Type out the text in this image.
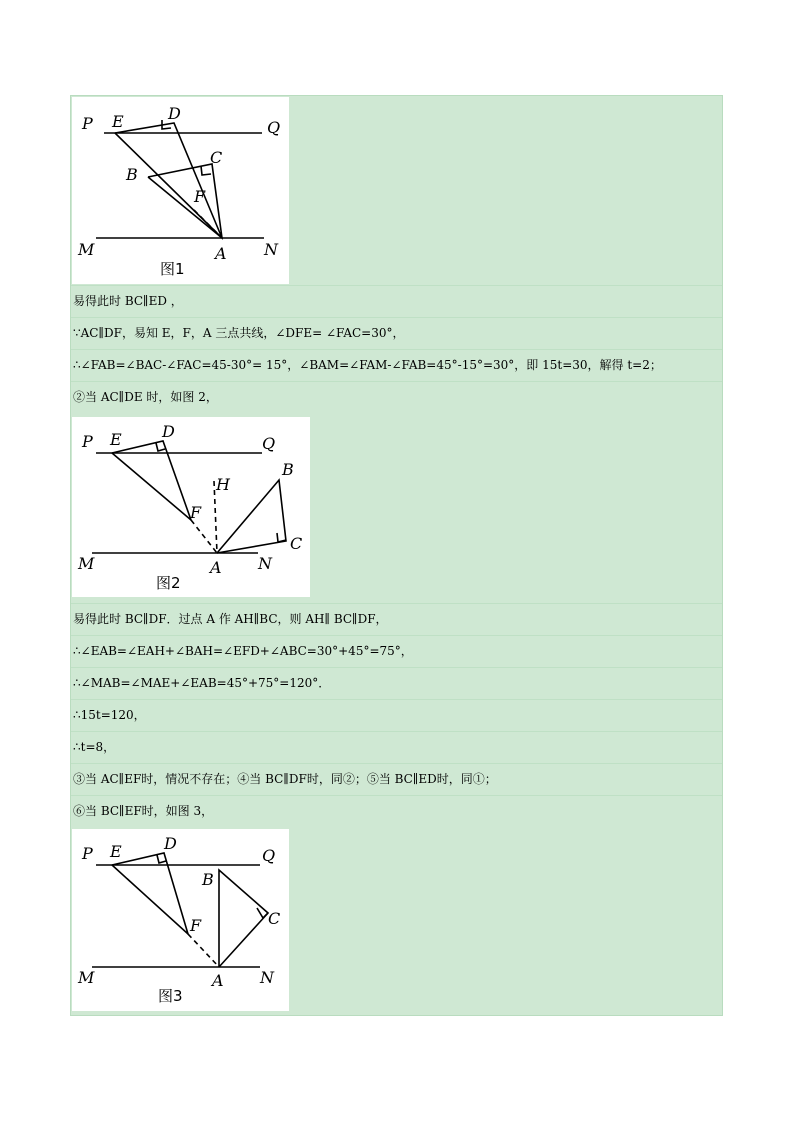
P E	D
Q
B
C
F
M	A N
图1
易得此时 BC∥ED ，
∵AC∥DF，易知 E，F，A 三点共线，∠DFE= ∠FAC=30°，
∴∠FAB=∠BAC-∠FAC=45-30°= 15°，∠BAM=∠FAM-∠FAB=45°-15°=30°，即 15t=30，解得 t=2；
②当 AC∥DE 时，如图 2，
P E	D
Q
B
H
F
C
M	A N
图2
易得此时 BC∥DF．过点 A 作 AH∥BC，则 AH∥ BC∥DF，
∴∠EAB=∠EAH+∠BAH=∠EFD+∠ABC=30°+45°=75°，
∴∠MAB=∠MAE+∠EAB=45°+75°=120°．
∴15t=120，
∴t=8，
③当 AC∥EF时，情况不存在；④当 BC∥DF时，同②；⑤当 BC∥ED时，同①；
⑥当 BC∥EF时，如图 3，
P E	D
Q
B
C
F
M	A N
图3
